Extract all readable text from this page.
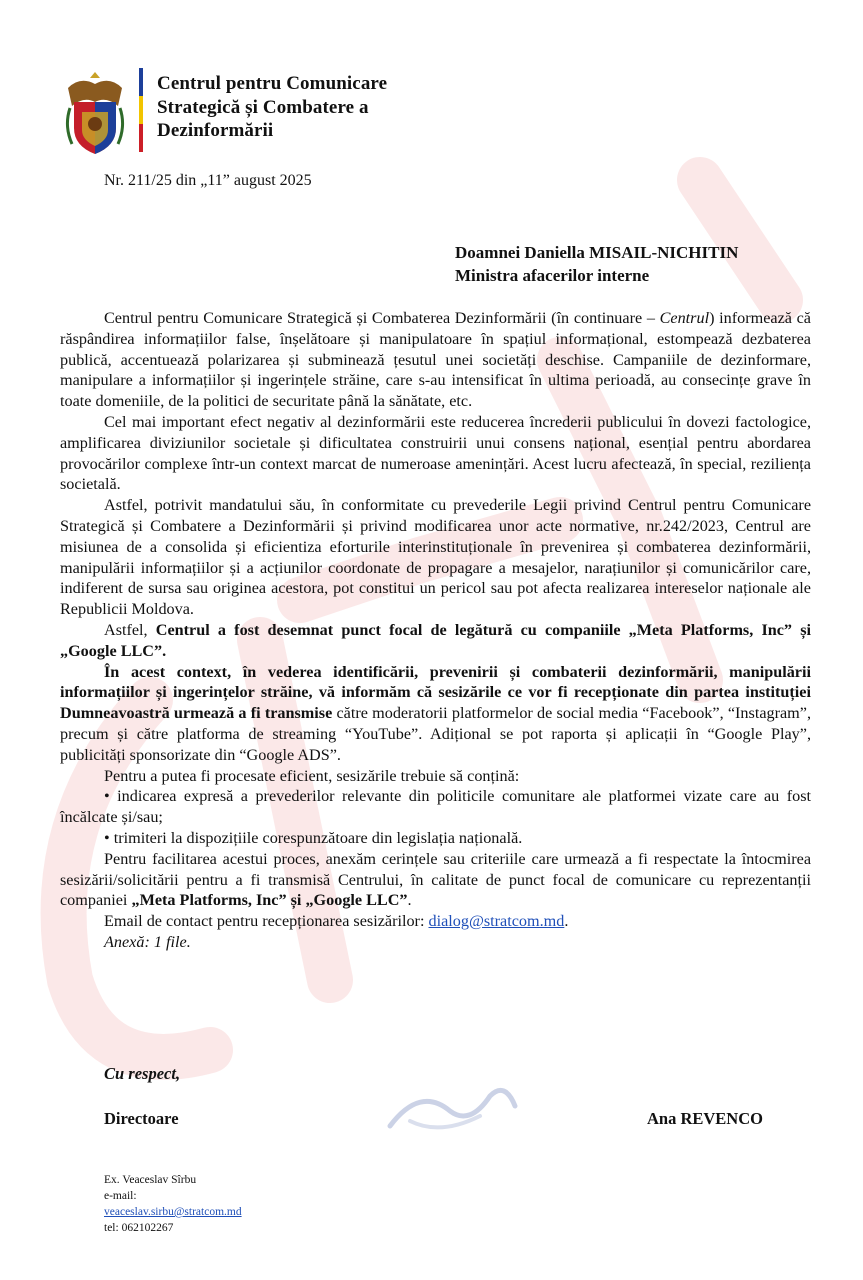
Centrul pentru Comunicare
Strategică și Combatere a
Dezinformării
Nr. 211/25 din „11” august 2025
Doamnei Daniella MISAIL-NICHITIN
Ministra afacerilor interne

Centrul pentru Comunicare Strategică și Combaterea Dezinformării (în continuare – Centrul) informează că răspândirea informațiilor false, înșelătoare și manipulatoare în spațiul informațional, estompează dezbaterea publică, accentuează polarizarea și subminează țesutul unei societăți deschise. Campaniile de dezinformare, manipulare a informațiilor și ingerințele străine, care s-au intensificat în ultima perioadă, au consecințe grave în toate domeniile, de la politici de securitate până la sănătate, etc.

Cel mai important efect negativ al dezinformării este reducerea încrederii publicului în dovezi factologice, amplificarea diviziunilor societale și dificultatea construirii unui consens național, esențial pentru abordarea provocărilor complexe într-un context marcat de numeroase amenințări. Acest lucru afectează, în special, reziliența societală.

Astfel, potrivit mandatului său, în conformitate cu prevederile Legii privind Centrul pentru Comunicare Strategică și Combatere a Dezinformării și privind modificarea unor acte normative, nr.242/2023, Centrul are misiunea de a consolida și eficientiza eforturile interinstituționale în prevenirea și combaterea dezinformării, manipulării informațiilor și a acțiunilor coordonate de propagare a mesajelor, narațiunilor și comunicărilor care, indiferent de sursa sau originea acestora, pot constitui un pericol sau pot afecta realizarea intereselor naționale ale Republicii Moldova.

Astfel, Centrul a fost desemnat punct focal de legătură cu companiile „Meta Platforms, Inc” și „Google LLC”.

În acest context, în vederea identificării, prevenirii și combaterii dezinformării, manipulării informațiilor și ingerințelor străine, vă informăm că sesizările ce vor fi recepționate din partea instituției Dumneavoastră urmează a fi transmise către moderatorii platformelor de social media “Facebook”, “Instagram”, precum și către platforma de streaming “YouTube”. Adițional se pot raporta și aplicații în “Google Play”, publicități sponsorizate din “Google ADS”.

Pentru a putea fi procesate eficient, sesizările trebuie să conțină:

• indicarea expresă a prevederilor relevante din politicile comunitare ale platformei vizate care au fost încălcate și/sau;

• trimiteri la dispozițiile corespunzătoare din legislația națională.

Pentru facilitarea acestui proces, anexăm cerințele sau criteriile care urmează a fi respectate la întocmirea sesizării/solicitării pentru a fi transmisă Centrului, în calitate de punct focal de comunicare cu reprezentanții companiei „Meta Platforms, Inc” și „Google LLC”.

Email de contact pentru recepționarea sesizărilor: dialog@stratcom.md.

Anexă: 1 file.

Cu respect,
Directoare	Ana REVENCO
Ex. Veaceslav Sîrbu
e-mail:
veaceslav.sirbu@stratcom.md
tel: 062102267
